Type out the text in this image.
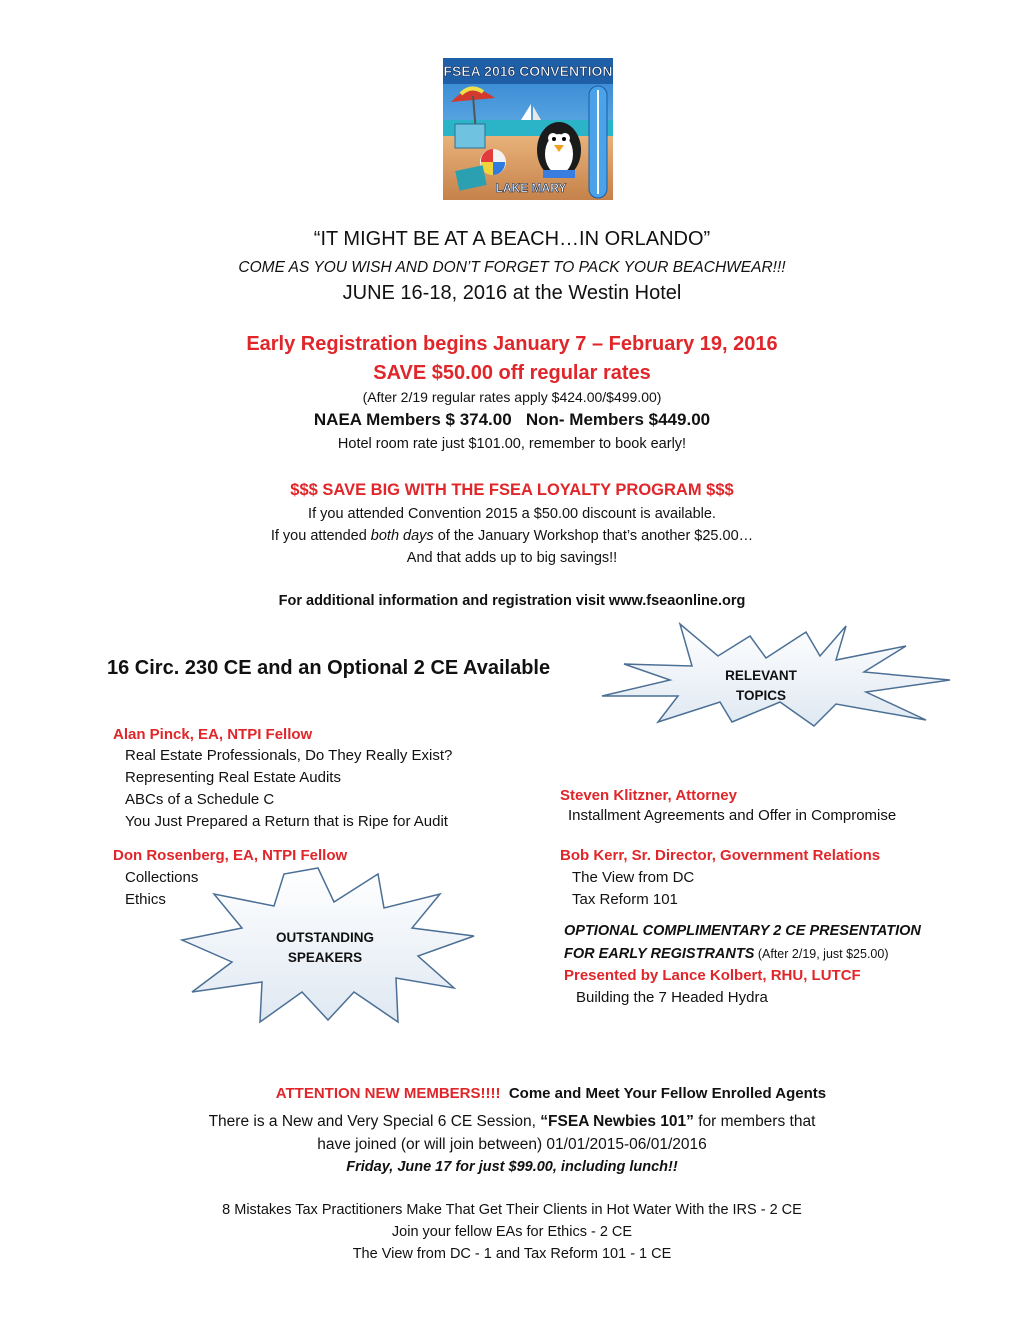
FSEA 2016 CONVENTION
LAKE MARY
“IT MIGHT BE AT A BEACH…IN ORLANDO”
COME AS YOU WISH AND DON’T FORGET TO PACK YOUR BEACHWEAR!!!
JUNE 16-18, 2016 at the Westin Hotel
Early Registration begins January 7 – February 19, 2016
SAVE $50.00 off regular rates
(After 2/19 regular rates apply $424.00/$499.00)
NAEA Members $ 374.00   Non- Members $449.00
Hotel room rate just $101.00, remember to book early!
$$$ SAVE BIG WITH THE FSEA LOYALTY PROGRAM $$$
If you attended Convention 2015 a $50.00 discount is available.
If you attended both days of the January Workshop that’s another $25.00…
And that adds up to big savings!!
For additional information and registration visit www.fseaonline.org
16 Circ. 230 CE and an Optional 2 CE Available	RELEVANT
TOPICS
Alan Pinck, EA, NTPI Fellow
Real Estate Professionals, Do They Really Exist?
Representing Real Estate Audits
ABCs of a Schedule C
You Just Prepared a Return that is Ripe for Audit
Don Rosenberg, EA, NTPI Fellow
Collections
Ethics
OUTSTANDING
SPEAKERS
Steven Klitzner, Attorney
Installment Agreements and Offer in Compromise
Bob Kerr, Sr. Director, Government Relations
The View from DC
Tax Reform 101
OPTIONAL COMPLIMENTARY 2 CE PRESENTATION
FOR EARLY REGISTRANTS (After 2/19, just $25.00)
Presented by Lance Kolbert, RHU, LUTCF
Building the 7 Headed Hydra

ATTENTION NEW MEMBERS!!!! Come and Meet Your Fellow Enrolled Agents

There is a New and Very Special 6 CE Session, “FSEA Newbies 101” for members that
have joined (or will join between) 01/01/2015-06/01/2016
Friday, June 17 for just $99.00, including lunch!!
8 Mistakes Tax Practitioners Make That Get Their Clients in Hot Water With the IRS - 2 CE
Join your fellow EAs for Ethics - 2 CE
The View from DC - 1 and Tax Reform 101 - 1 CE
